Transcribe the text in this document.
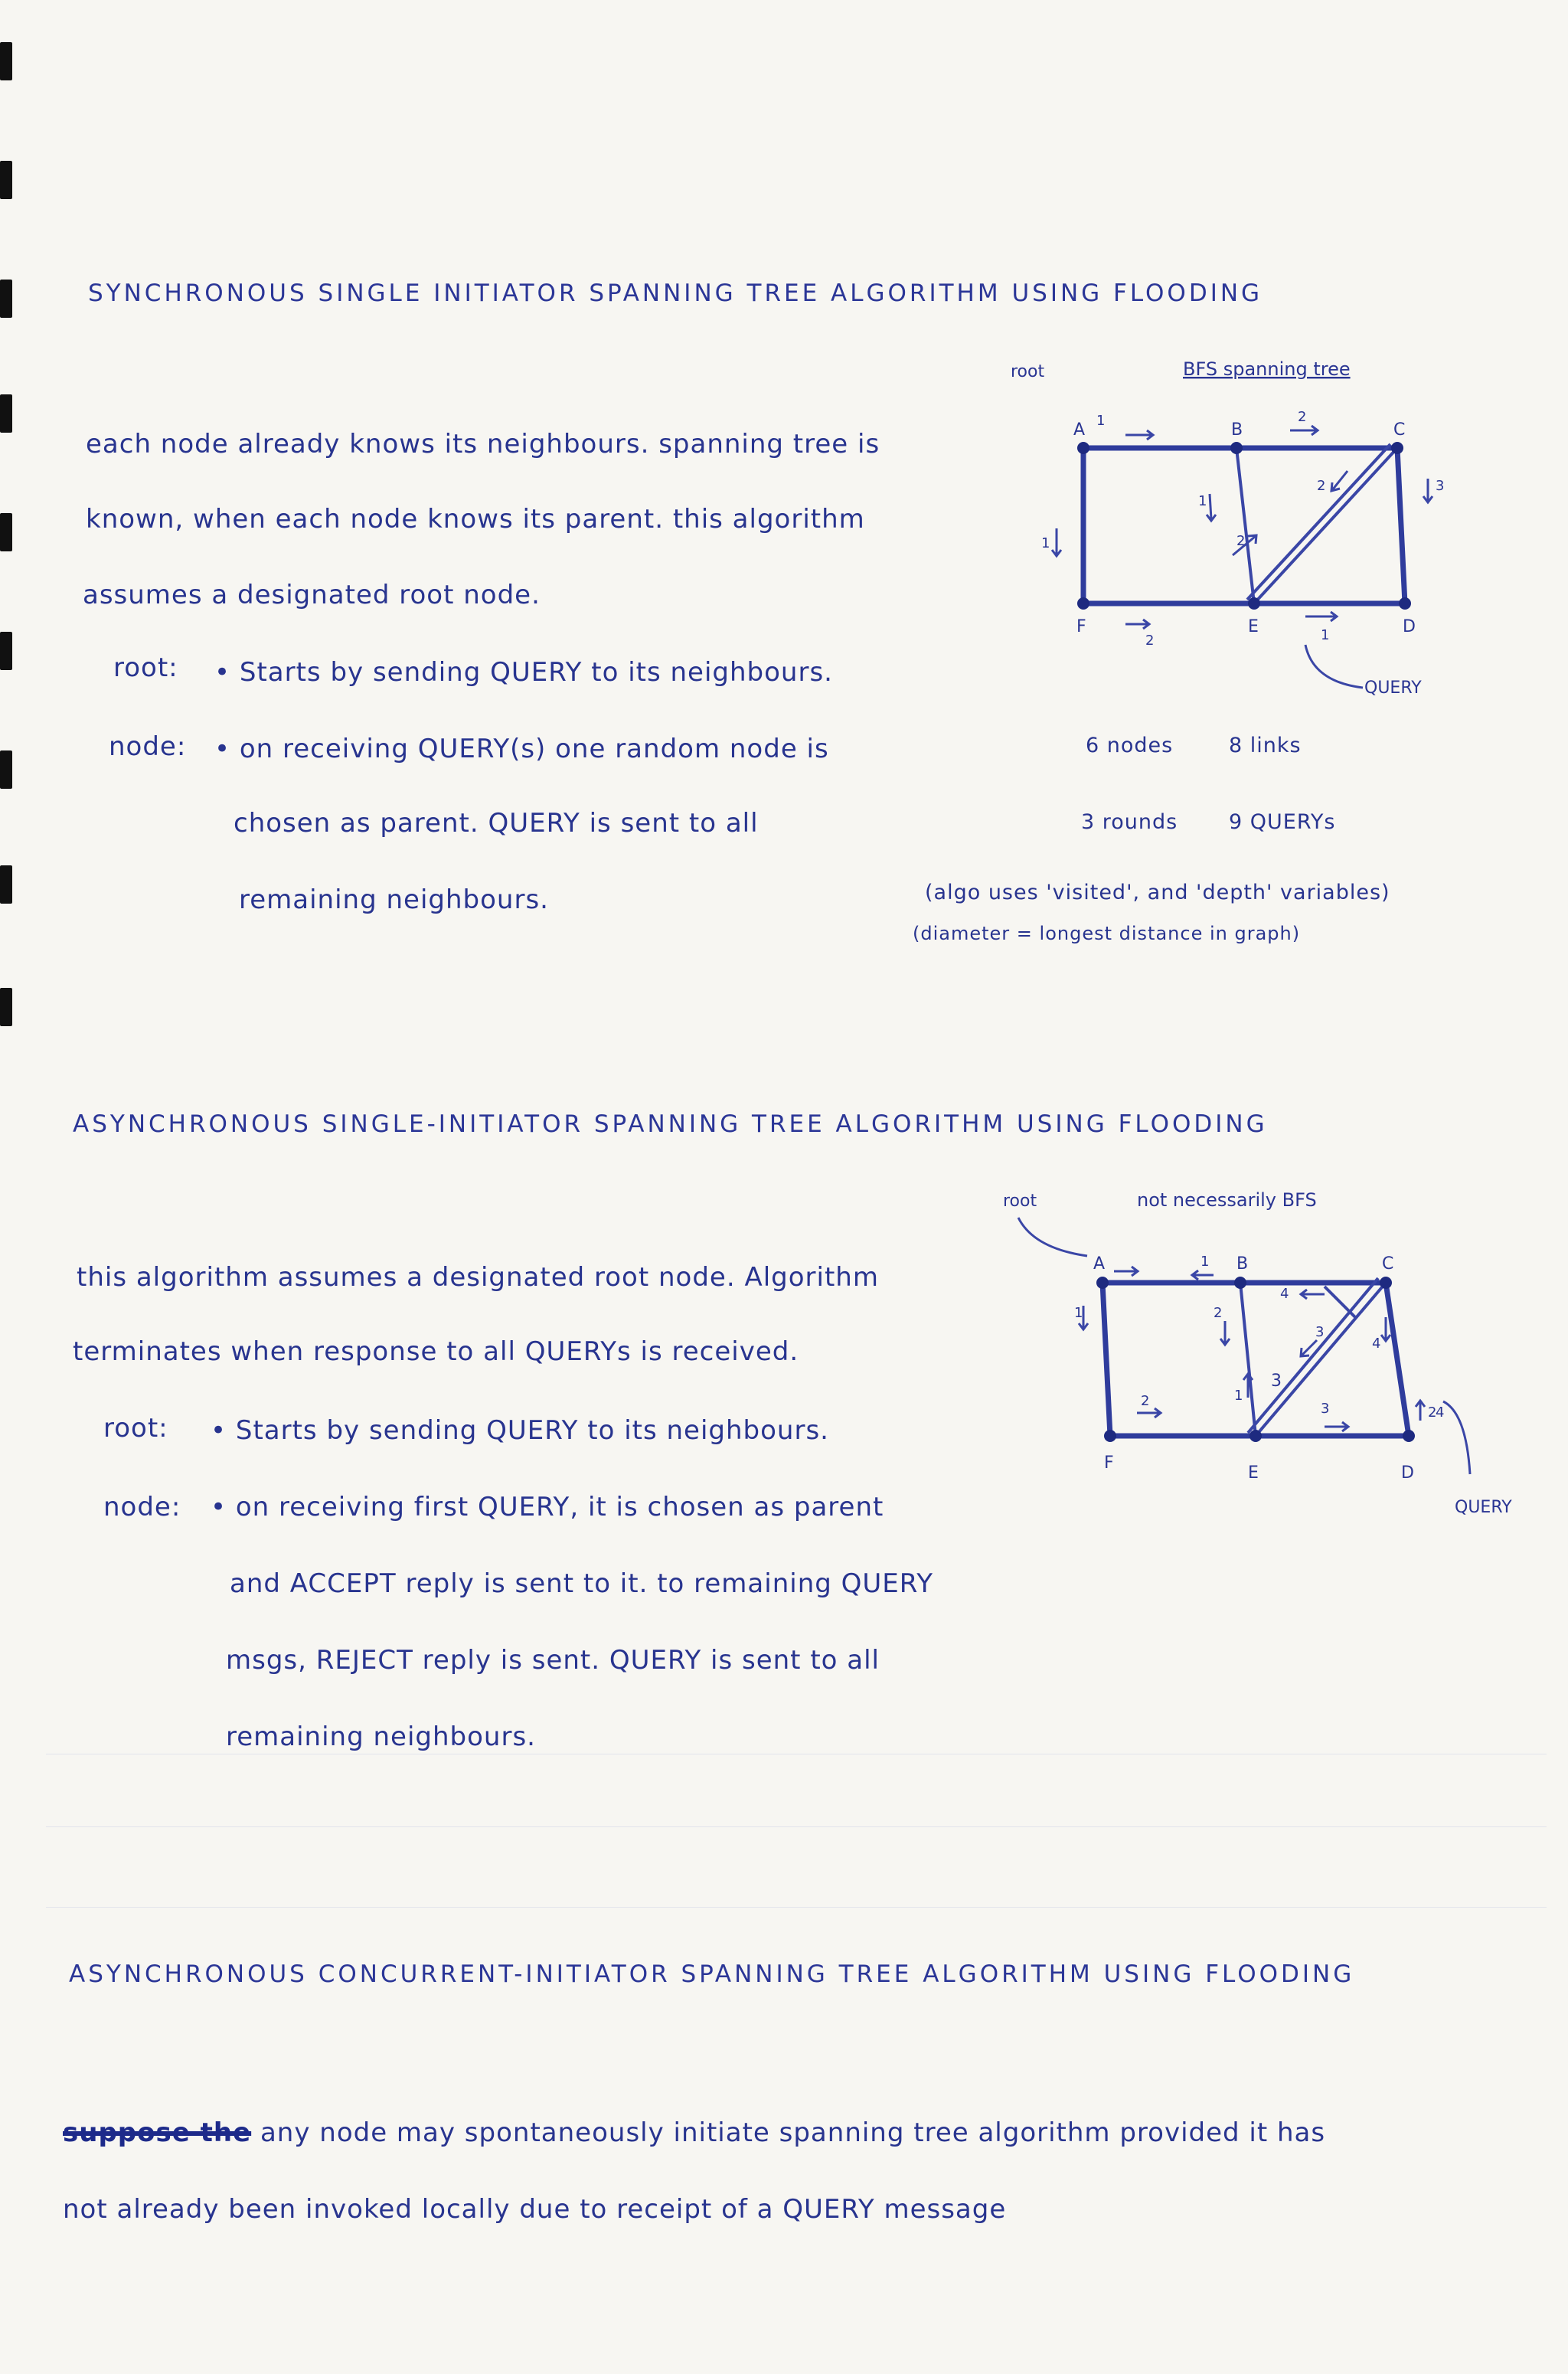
SYNCHRONOUS SINGLE INITIATOR SPANNING TREE ALGORITHM USING FLOODING
each node already knows its neighbours. spanning tree is
known, when each node knows its parent. this algorithm
assumes a designated root node.
root: • Starts by sending QUERY to its neighbours.
node: • on receiving QUERY(s) one random node is
chosen as parent. QUERY is sent to all
remaining neighbours.
root	BFS spanning tree
A	B	C
F	E	D
1	2
1
3
1
2
2
2	1
QUERY
6 nodes	8 links
3 rounds 9 QUERYs
(algo uses 'visited', and 'depth' variables)
(diameter = longest distance in graph)
ASYNCHRONOUS SINGLE-INITIATOR SPANNING TREE ALGORITHM USING FLOODING
this algorithm assumes a designated root node. Algorithm
terminates when response to all QUERYs is received.
root: • Starts by sending QUERY to its neighbours.
node: • on receiving first QUERY, it is chosen as parent
and ACCEPT reply is sent to it. to remaining QUERY
msgs, REJECT reply is sent. QUERY is sent to all
remaining neighbours.
root	not necessarily BFS
A	B	C
F
E	D
1
1
4
4
2
3
3
1
2	3	2
4
QUERY
ASYNCHRONOUS CONCURRENT-INITIATOR SPANNING TREE ALGORITHM USING FLOODING
suppose the any node may spontaneously initiate spanning tree algorithm provided it has
not already been invoked locally due to receipt of a QUERY message
